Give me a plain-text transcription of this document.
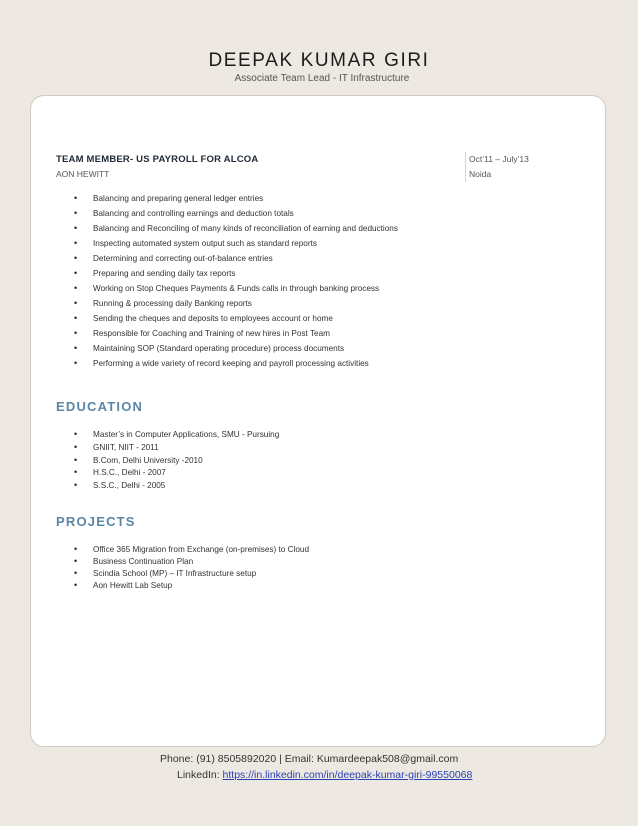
DEEPAK KUMAR GIRI
Associate Team Lead - IT Infrastructure
TEAM MEMBER- US PAYROLL FOR ALCOA
AON HEWITT
Oct’11 – July’13
Noida
• Balancing and preparing general ledger entries
• Balancing and controlling earnings and deduction totals
• Balancing and Reconciling of many kinds of reconciliation of earning and deductions
• Inspecting automated system output such as standard reports
• Determining and correcting out-of-balance entries
• Preparing and sending daily tax reports
• Working on Stop Cheques Payments & Funds calls in through banking process
• Running & processing daily Banking reports
• Sending the cheques and deposits to employees account or home
• Responsible for Coaching and Training of new hires in Post Team
• Maintaining SOP (Standard operating procedure) process documents
• Performing a wide variety of record keeping and payroll processing activities
EDUCATION
• Master’s in Computer Applications, SMU - Pursuing
• GNIIT, NIIT - 2011
• B.Com, Delhi University -2010
• H.S.C., Delhi - 2007
• S.S.C., Delhi - 2005
PROJECTS
• Office 365 Migration from Exchange (on-premises) to Cloud
• Business Continuation Plan
• Scindia School (MP) – IT Infrastructure setup
• Aon Hewitt Lab Setup
Phone: (91) 8505892020 | Email: Kumardeepak508@gmail.com
LinkedIn: https://in.linkedin.com/in/deepak-kumar-giri-99550068
